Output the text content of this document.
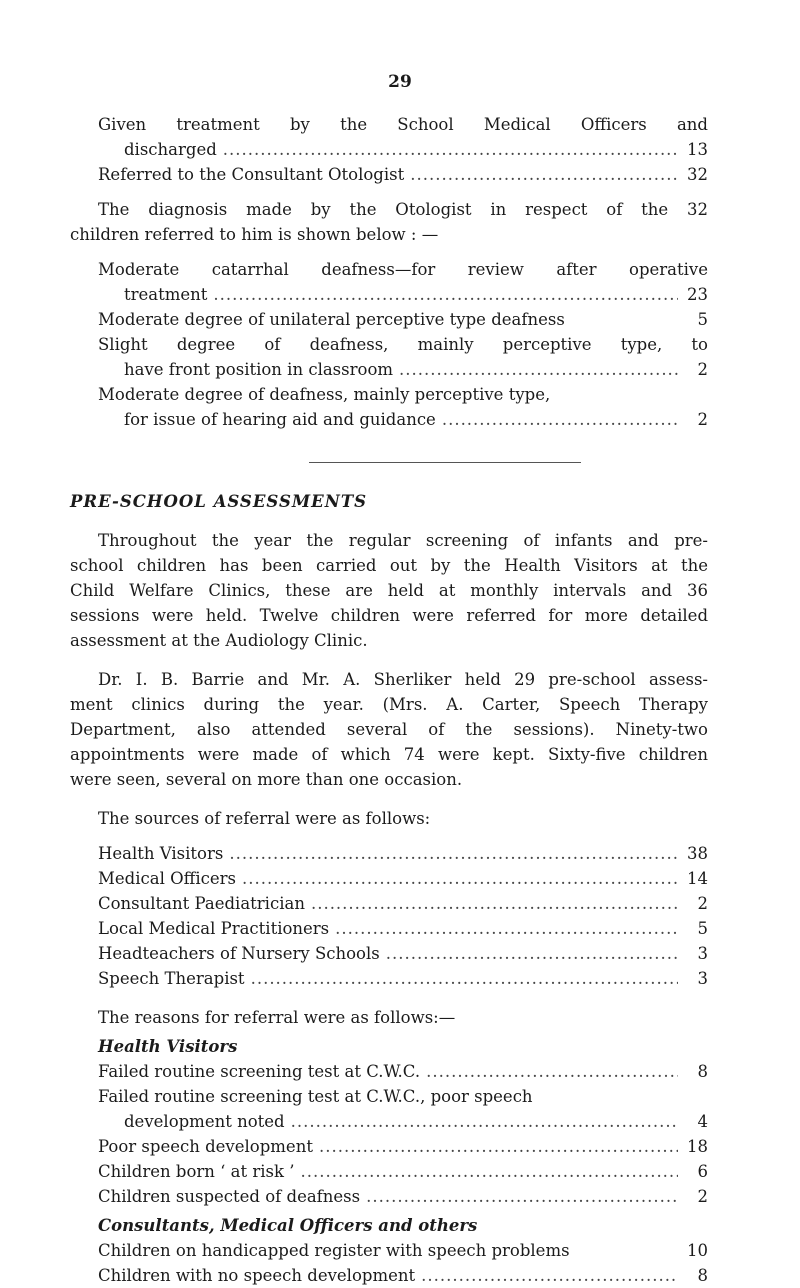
29
Given treatment by the School Medical Officers and
discharged .....	13
Referred to the Consultant Otologist .....	32
The diagnosis made by the Otologist in respect of the 32
children referred to him is shown below : —
Moderate catarrhal deafness—for review after operative
treatment .....	23
Moderate degree of unilateral perceptive type deafness	5
Slight degree of deafness, mainly perceptive type, to
have front position in classroom .....	2
Moderate degree of deafness, mainly perceptive type,
for issue of hearing aid and guidance .....	2
PRE-SCHOOL ASSESSMENTS
Throughout the year the regular screening of infants and pre-
school children has been carried out by the Health Visitors at the
Child Welfare Clinics, these are held at monthly intervals and 36
sessions were held. Twelve children were referred for more detailed
assessment at the Audiology Clinic.
Dr. I. B. Barrie and Mr. A. Sherliker held 29 pre-school assess-
ment clinics during the year. (Mrs. A. Carter, Speech Therapy
Department, also attended several of the sessions). Ninety-two
appointments were made of which 74 were kept. Sixty-five children
were seen, several on more than one occasion.
The sources of referral were as follows:
Health Visitors .....	38
Medical Officers .....	14
Consultant Paediatrician .....	2
Local Medical Practitioners .....	5
Headteachers of Nursery Schools .....	3
Speech Therapist .....	3
The reasons for referral were as follows:—
Health Visitors
Failed routine screening test at C.W.C. .....	8
Failed routine screening test at C.W.C., poor speech
development noted .....	4
Poor speech development .....	18
Children born ‘ at risk ’ .....	6
Children suspected of deafness .....	2
Consultants, Medical Officers and others
Children on handicapped register with speech problems	10
Children with no speech development .....	8
